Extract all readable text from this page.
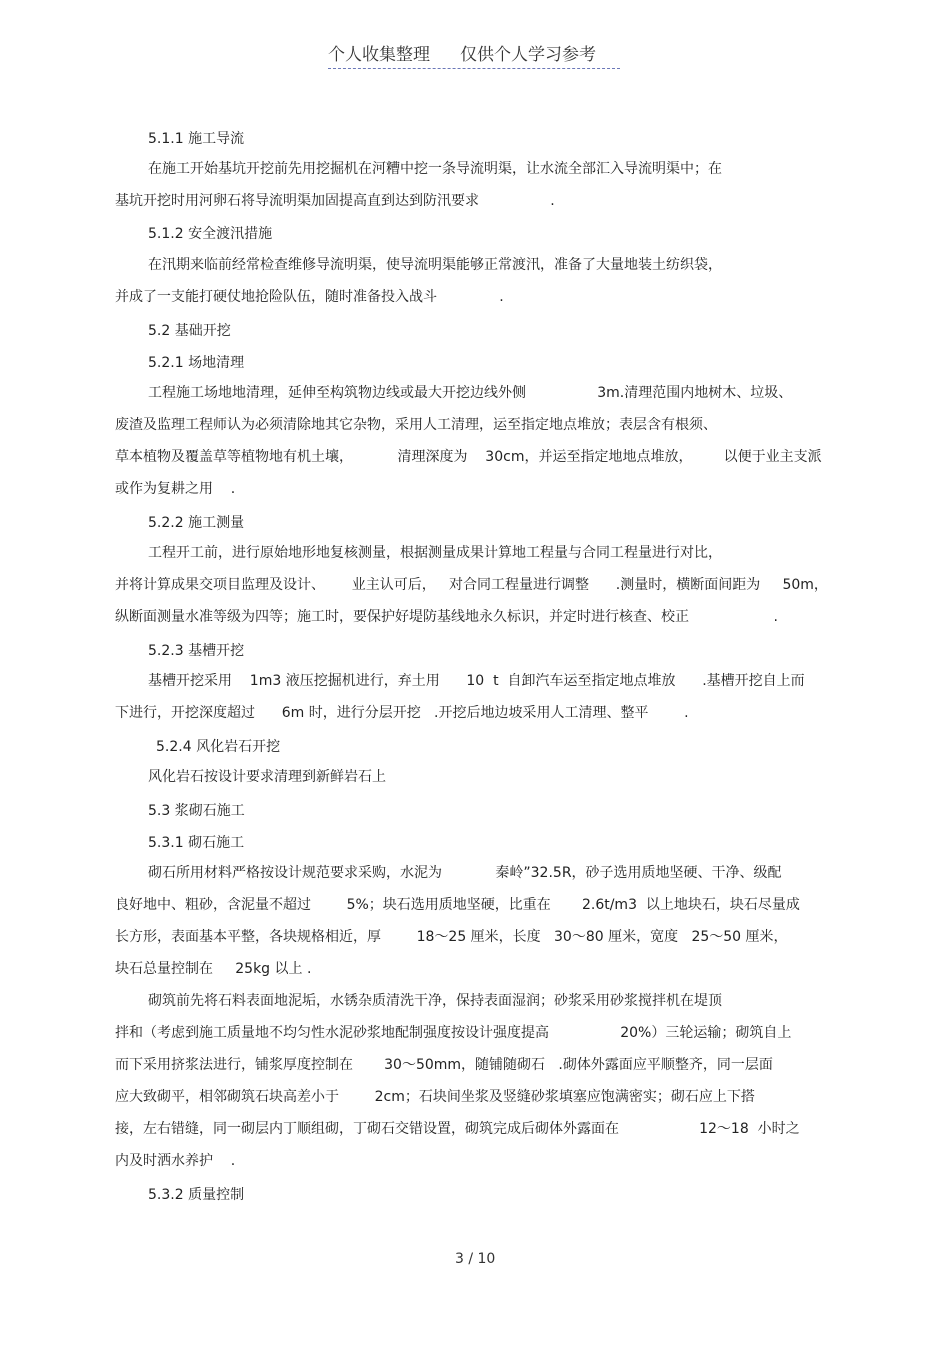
个人收集整理 仅供个人学习参考
5.1.1 施工导流
在施工开始基坑开挖前先用挖掘机在河糟中挖一条导流明渠，让水流全部汇入导流明渠中；在
基坑开挖时用河卵石将导流明渠加固提高直到达到防汛要求                .
5.1.2 安全渡汛措施
在汛期来临前经常检查维修导流明渠，使导流明渠能够正常渡汛，准备了大量地装土纺织袋，
并成了一支能打硬仗地抢险队伍，随时准备投入战斗              .
5.2 基础开挖
5.2.1 场地清理
工程施工场地地清理，延伸至构筑物边线或最大开挖边线外侧                3m.清理范围内地树木、垃圾、
废渣及监理工程师认为必须清除地其它杂物，采用人工清理，运至指定地点堆放；表层含有根须、
草本植物及覆盖草等植物地有机土壤，          清理深度为    30cm，并运至指定地地点堆放，       以便于业主支派
或作为复耕之用    .
5.2.2 施工测量
工程开工前，进行原始地形地复核测量，根据测量成果计算地工程量与合同工程量进行对比，
并将计算成果交项目监理及设计、      业主认可后，   对合同工程量进行调整      .测量时，横断面间距为     50m，
纵断面测量水准等级为四等；施工时，要保护好堤防基线地永久标识，并定时进行核查、校正                   .
5.2.3 基槽开挖
基槽开挖采用    1m3 液压挖掘机进行，弃土用      10  t  自卸汽车运至指定地点堆放      .基槽开挖自上而
下进行，开挖深度超过      6m 时，进行分层开挖   .开挖后地边坡采用人工清理、整平        .
5.2.4 风化岩石开挖
风化岩石按设计要求清理到新鲜岩石上
5.3 浆砌石施工
5.3.1 砌石施工
砌石所用材料严格按设计规范要求采购，水泥为            秦岭”32.5R，砂子选用质地坚硬、干净、级配
良好地中、粗砂，含泥量不超过        5%；块石选用质地坚硬，比重在       2.6t/m3  以上地块石，块石尽量成
长方形，表面基本平整，各块规格相近，厚        18～25 厘米，长度   30～80 厘米，宽度   25～50 厘米，
块石总量控制在     25kg 以上 .
砌筑前先将石料表面地泥垢，水锈杂质清洗干净，保持表面湿润；砂浆采用砂浆搅拌机在堤顶
拌和（考虑到施工质量地不均匀性水泥砂浆地配制强度按设计强度提高                20%）三轮运输；砌筑自上
而下采用挤浆法进行，铺浆厚度控制在       30～50mm，随铺随砌石   .砌体外露面应平顺整齐，同一层面
应大致砌平，相邻砌筑石块高差小于        2cm；石块间坐浆及竖缝砂浆填塞应饱满密实；砌石应上下搭
接，左右错缝，同一砌层内丁顺组砌，丁砌石交错设置，砌筑完成后砌体外露面在                  12～18  小时之
内及时洒水养护    .
5.3.2 质量控制
3 / 10
